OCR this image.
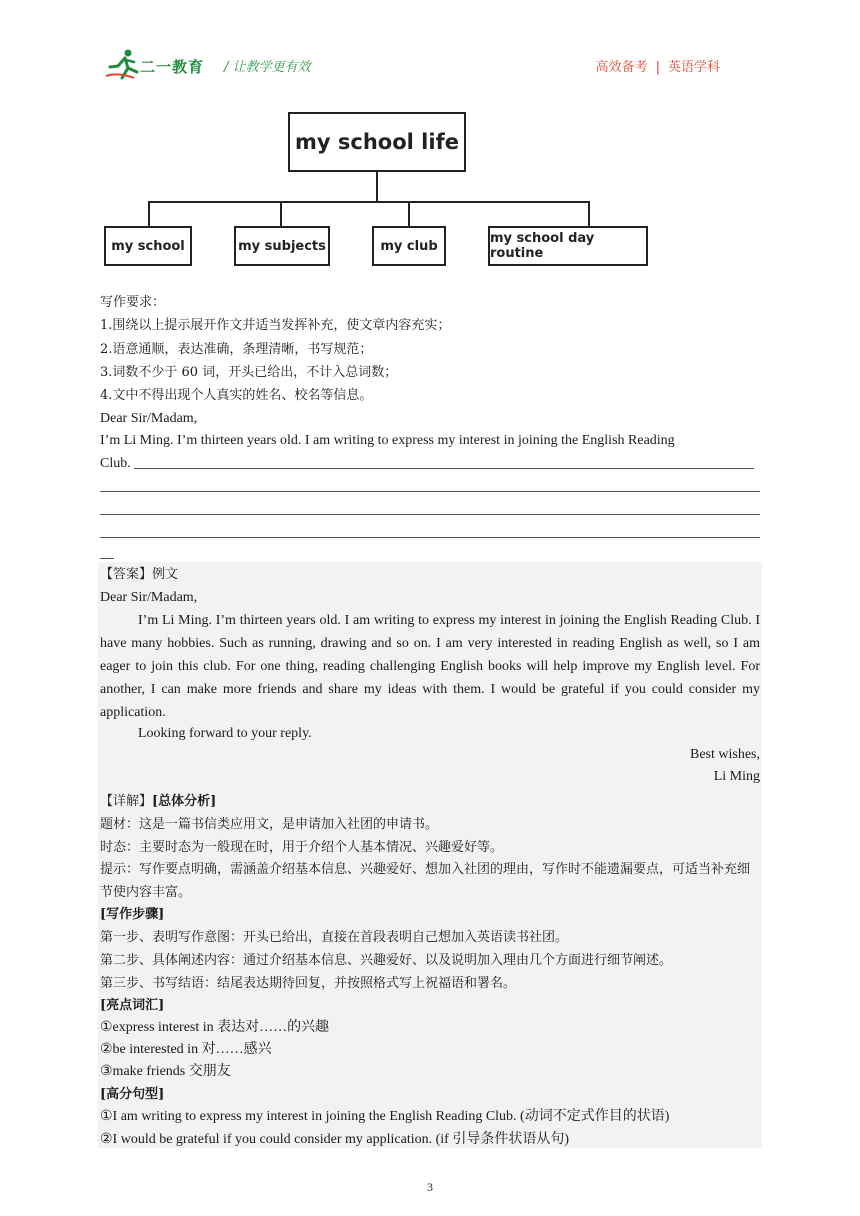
二一教育 / 让教学更有效	高效备考 | 英语学科
my school life
my school	my subjects	my club	my school day routine
写作要求：
1.围绕以上提示展开作文并适当发挥补充，使文章内容充实；
2.语意通顺，表达准确，条理清晰，书写规范；
3.词数不少于 60 词，开头已给出，不计入总词数；
4.文中不得出现个人真实的姓名、校名等信息。
Dear Sir/Madam,
I’m Li Ming. I’m thirteen years old. I am writing to express my interest in joining the English Reading
Club.
【答案】例文
Dear Sir/Madam,
I’m Li Ming. I’m thirteen years old. I am writing to express my interest in joining the English Reading Club. I have many hobbies. Such as running, drawing and so on. I am very interested in reading English as well, so I am eager to join this club. For one thing, reading challenging English books will help improve my English level. For another, I can make more friends and share my ideas with them. I would be grateful if you could consider my application.
Looking forward to your reply.
Best wishes,
Li Ming
【详解】[总体分析]
题材：这是一篇书信类应用文，是申请加入社团的申请书。
时态：主要时态为一般现在时，用于介绍个人基本情况、兴趣爱好等。
提示：写作要点明确，需涵盖介绍基本信息、兴趣爱好、想加入社团的理由，写作时不能遗漏要点，可适当补充细节使内容丰富。
[写作步骤]
第一步、表明写作意图：开头已给出，直接在首段表明自己想加入英语读书社团。
第二步、具体阐述内容：通过介绍基本信息、兴趣爱好、以及说明加入理由几个方面进行细节阐述。
第三步、书写结语：结尾表达期待回复，并按照格式写上祝福语和署名。
[亮点词汇]
①express interest in 表达对……的兴趣
②be interested in 对……感兴
③make friends 交朋友
[高分句型]
①I am writing to express my interest in joining the English Reading Club. (动词不定式作目的状语)
②I would be grateful if you could consider my application. (if 引导条件状语从句)
3
